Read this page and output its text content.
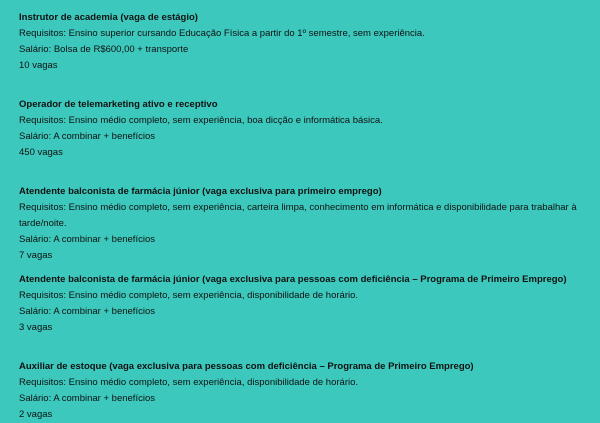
Instrutor de academia (vaga de estágio)

Requisitos: Ensino superior cursando Educação Física a partir do 1º semestre, sem experiência.

Salário: Bolsa de R$600,00 + transporte

10 vagas

Operador de telemarketing ativo e receptivo

Requisitos: Ensino médio completo, sem experiência, boa dicção e informática básica.

Salário: A combinar + benefícios

450 vagas

Atendente balconista de farmácia júnior (vaga exclusiva para primeiro emprego)

Requisitos: Ensino médio completo, sem experiência, carteira limpa, conhecimento em informática e disponibilidade para trabalhar à tarde/noite.

Salário: A combinar + benefícios

7 vagas

Atendente balconista de farmácia júnior (vaga exclusiva para pessoas com deficiência – Programa de Primeiro Emprego)

Requisitos: Ensino médio completo, sem experiência, disponibilidade de horário.

Salário: A combinar + benefícios

3 vagas

Auxiliar de estoque (vaga exclusiva para pessoas com deficiência – Programa de Primeiro Emprego)

Requisitos: Ensino médio completo, sem experiência, disponibilidade de horário.

Salário: A combinar + benefícios

2 vagas
